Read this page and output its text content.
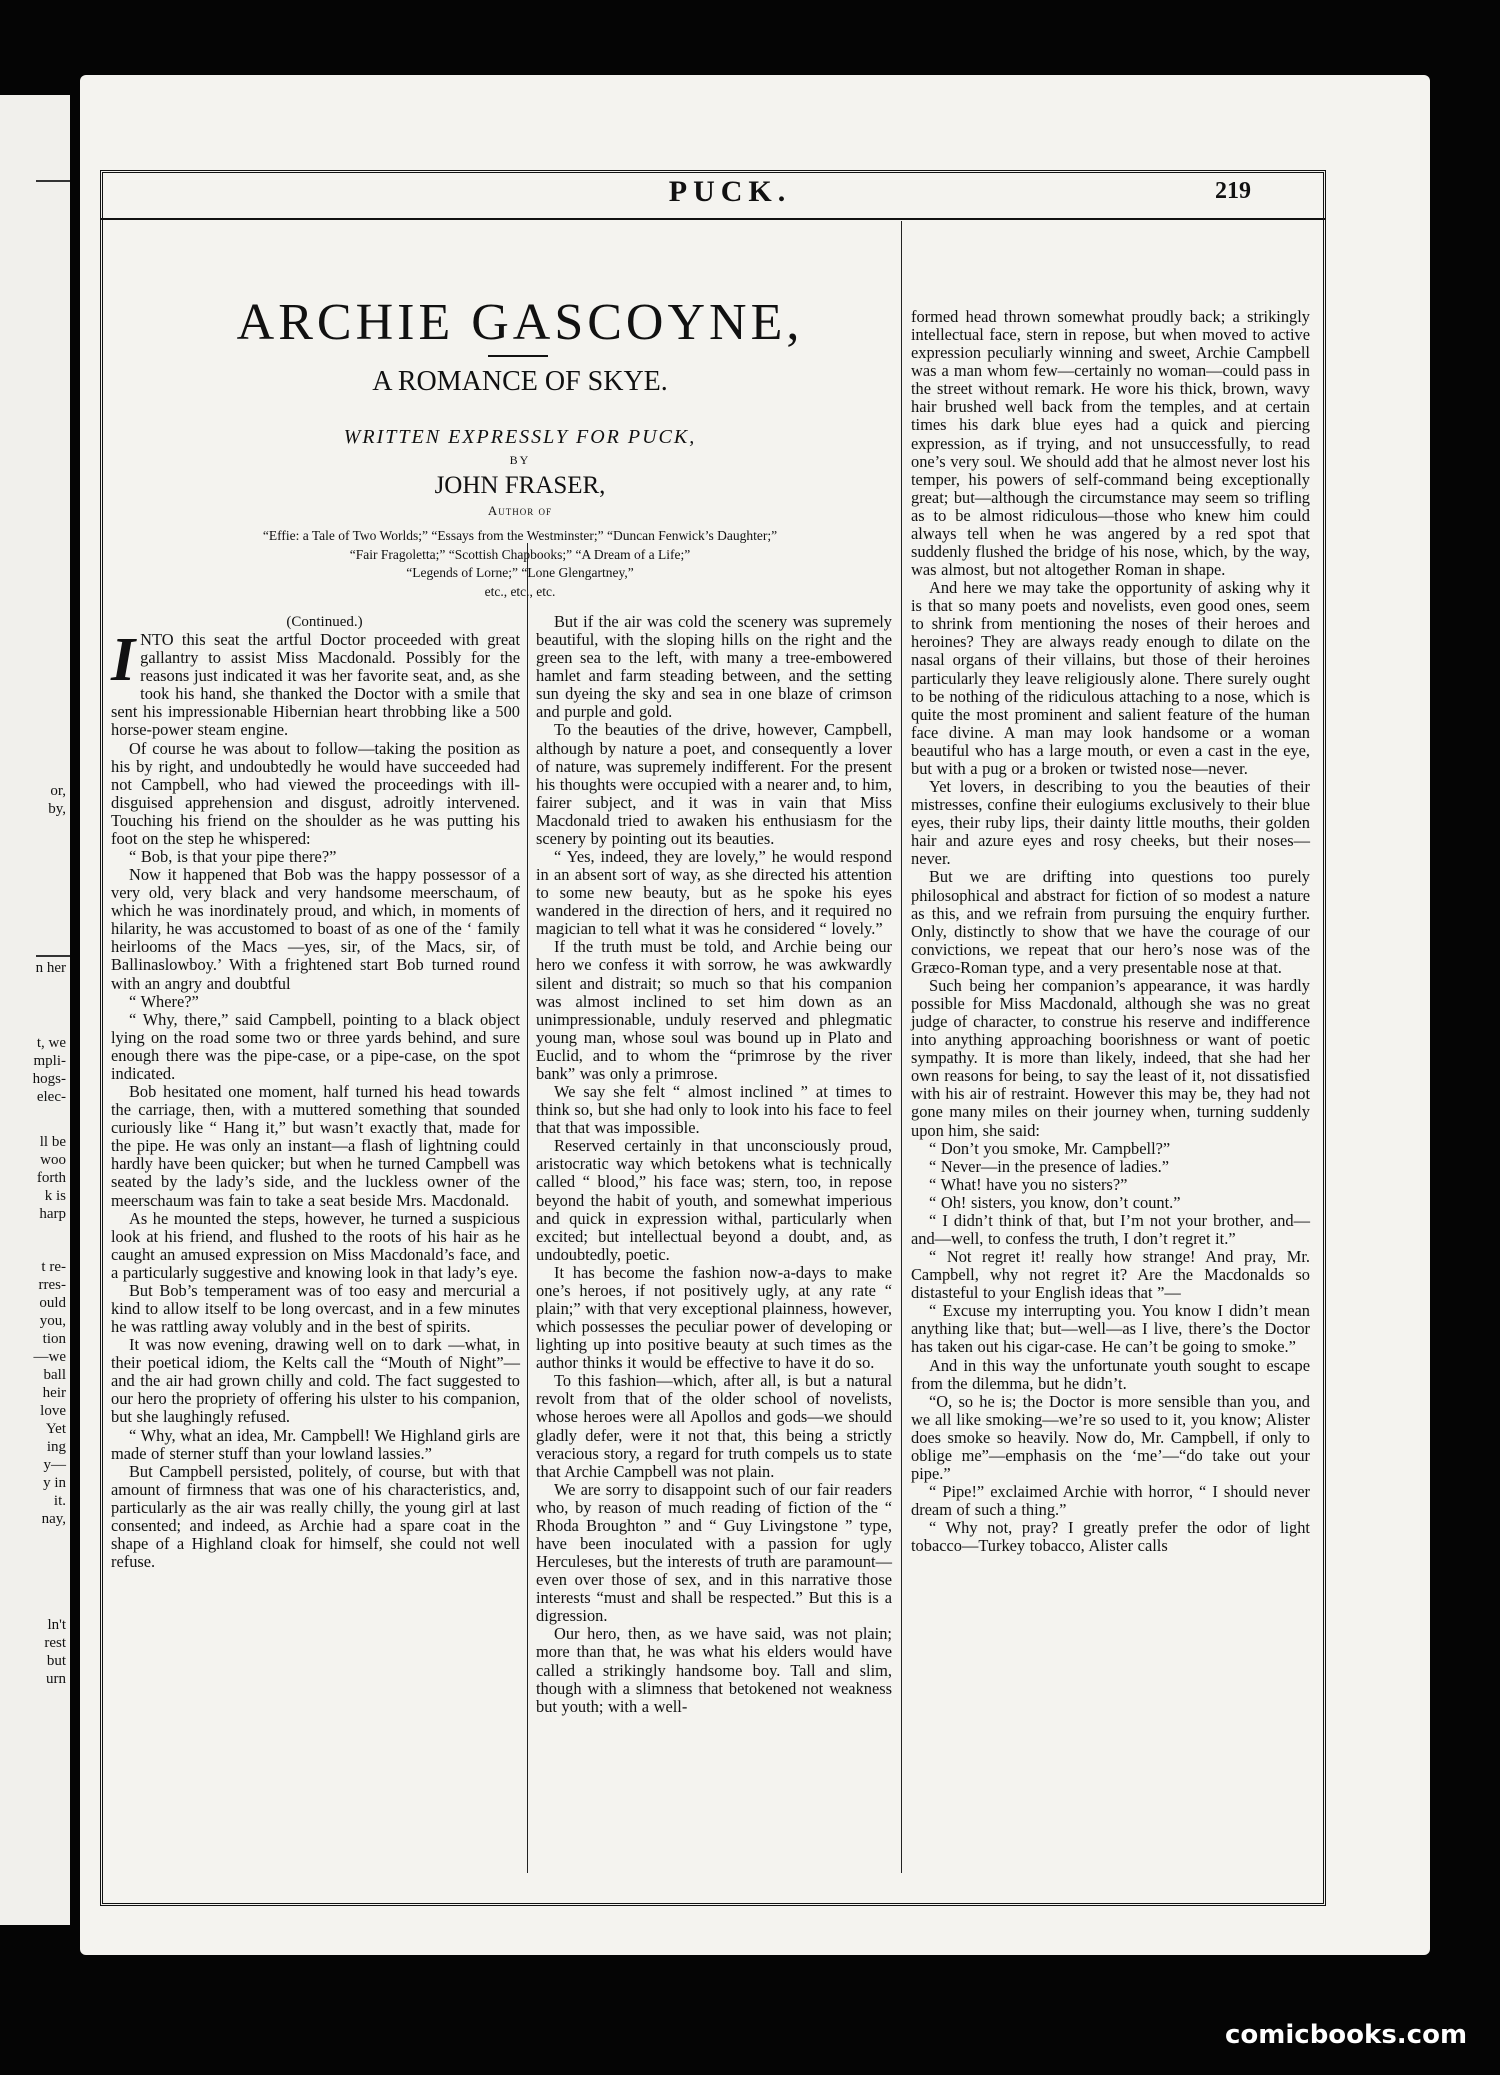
or,
by,
n her
t, we
mpli-
hogs-
elec-
ll be
woo
forth
k is
harp
t re-
rres-
ould
you,
tion
—we
ball
heir
love
Yet
ing
y—
y in
it.
nay,
ln't
rest
but
urn
PUCK.	219
ARCHIE GASCOYNE,
A ROMANCE OF SKYE.
WRITTEN EXPRESSLY FOR PUCK,
BY
JOHN FRASER,
Author of
“Effie: a Tale of Two Worlds;” “Essays from the Westminster;” “Duncan Fenwick’s Daughter;”
“Fair Fragoletta;” “Scottish Chapbooks;” “A Dream of a Life;”
“Legends of Lorne;” “Lone Glengartney,”
etc., etc., etc.

(Continued.)

INTO this seat the artful Doctor proceeded with great gallantry to assist Miss Macdonald. Possibly for the reasons just indicated it was her favorite seat, and, as she took his hand, she thanked the Doctor with a smile that sent his impressionable Hibernian heart throbbing like a 500 horse-power steam engine.

Of course he was about to follow—taking the position as his by right, and undoubtedly he would have succeeded had not Campbell, who had viewed the proceedings with ill-disguised apprehension and disgust, adroitly intervened. Touching his friend on the shoulder as he was putting his foot on the step he whispered:

“ Bob, is that your pipe there?”

Now it happened that Bob was the happy possessor of a very old, very black and very handsome meerschaum, of which he was inordinately proud, and which, in moments of hilarity, he was accustomed to boast of as one of the ‘ family heirlooms of the Macs —yes, sir, of the Macs, sir, of Ballinaslowboy.’ With a frightened start Bob turned round with an angry and doubtful

“ Where?”

“ Why, there,” said Campbell, pointing to a black object lying on the road some two or three yards behind, and sure enough there was the pipe-case, or a pipe-case, on the spot indicated.

Bob hesitated one moment, half turned his head towards the carriage, then, with a muttered something that sounded curiously like “ Hang it,” but wasn’t exactly that, made for the pipe. He was only an instant—a flash of lightning could hardly have been quicker; but when he turned Campbell was seated by the lady’s side, and the luckless owner of the meerschaum was fain to take a seat beside Mrs. Macdonald.

As he mounted the steps, however, he turned a suspicious look at his friend, and flushed to the roots of his hair as he caught an amused expression on Miss Macdonald’s face, and a particularly suggestive and knowing look in that lady’s eye.

But Bob’s temperament was of too easy and mercurial a kind to allow itself to be long overcast, and in a few minutes he was rattling away volubly and in the best of spirits.

It was now evening, drawing well on to dark —what, in their poetical idiom, the Kelts call the “Mouth of Night”— and the air had grown chilly and cold. The fact suggested to our hero the propriety of offering his ulster to his companion, but she laughingly refused.

“ Why, what an idea, Mr. Campbell! We Highland girls are made of sterner stuff than your lowland lassies.”

But Campbell persisted, politely, of course, but with that amount of firmness that was one of his characteristics, and, particularly as the air was really chilly, the young girl at last consented; and indeed, as Archie had a spare coat in the shape of a Highland cloak for himself, she could not well refuse.

But if the air was cold the scenery was supremely beautiful, with the sloping hills on the right and the green sea to the left, with many a tree-embowered hamlet and farm steading between, and the setting sun dyeing the sky and sea in one blaze of crimson and purple and gold.

To the beauties of the drive, however, Campbell, although by nature a poet, and consequently a lover of nature, was supremely indifferent. For the present his thoughts were occupied with a nearer and, to him, fairer subject, and it was in vain that Miss Macdonald tried to awaken his enthusiasm for the scenery by pointing out its beauties.

“ Yes, indeed, they are lovely,” he would respond in an absent sort of way, as she directed his attention to some new beauty, but as he spoke his eyes wandered in the direction of hers, and it required no magician to tell what it was he considered “ lovely.”

If the truth must be told, and Archie being our hero we confess it with sorrow, he was awkwardly silent and distrait; so much so that his companion was almost inclined to set him down as an unimpressionable, unduly reserved and phlegmatic young man, whose soul was bound up in Plato and Euclid, and to whom the “primrose by the river bank” was only a primrose.

We say she felt “ almost inclined ” at times to think so, but she had only to look into his face to feel that that was impossible.

Reserved certainly in that unconsciously proud, aristocratic way which betokens what is technically called “ blood,” his face was; stern, too, in repose beyond the habit of youth, and somewhat imperious and quick in expression withal, particularly when excited; but intellectual beyond a doubt, and, as undoubtedly, poetic.

It has become the fashion now-a-days to make one’s heroes, if not positively ugly, at any rate “ plain;” with that very exceptional plainness, however, which possesses the peculiar power of developing or lighting up into positive beauty at such times as the author thinks it would be effective to have it do so.

To this fashion—which, after all, is but a natural revolt from that of the older school of novelists, whose heroes were all Apollos and gods—we should gladly defer, were it not that, this being a strictly veracious story, a regard for truth compels us to state that Archie Campbell was not plain.

We are sorry to disappoint such of our fair readers who, by reason of much reading of fiction of the “ Rhoda Broughton ” and “ Guy Livingstone ” type, have been inoculated with a passion for ugly Herculeses, but the interests of truth are paramount—even over those of sex, and in this narrative those interests “must and shall be respected.” But this is a digression.

Our hero, then, as we have said, was not plain; more than that, he was what his elders would have called a strikingly handsome boy. Tall and slim, though with a slimness that betokened not weakness but youth; with a well-

formed head thrown somewhat proudly back; a strikingly intellectual face, stern in repose, but when moved to active expression peculiarly winning and sweet, Archie Campbell was a man whom few—certainly no woman—could pass in the street without remark. He wore his thick, brown, wavy hair brushed well back from the temples, and at certain times his dark blue eyes had a quick and piercing expression, as if trying, and not unsuccessfully, to read one’s very soul. We should add that he almost never lost his temper, his powers of self-command being exceptionally great; but—although the circumstance may seem so trifling as to be almost ridiculous—those who knew him could always tell when he was angered by a red spot that suddenly flushed the bridge of his nose, which, by the way, was almost, but not altogether Roman in shape.

And here we may take the opportunity of asking why it is that so many poets and novelists, even good ones, seem to shrink from mentioning the noses of their heroes and heroines? They are always ready enough to dilate on the nasal organs of their villains, but those of their heroines particularly they leave religiously alone. There surely ought to be nothing of the ridiculous attaching to a nose, which is quite the most prominent and salient feature of the human face divine. A man may look handsome or a woman beautiful who has a large mouth, or even a cast in the eye, but with a pug or a broken or twisted nose—never.

Yet lovers, in describing to you the beauties of their mistresses, confine their eulogiums exclusively to their blue eyes, their ruby lips, their dainty little mouths, their golden hair and azure eyes and rosy cheeks, but their noses—never.

But we are drifting into questions too purely philosophical and abstract for fiction of so modest a nature as this, and we refrain from pursuing the enquiry further. Only, distinctly to show that we have the courage of our convictions, we repeat that our hero’s nose was of the Græco-Roman type, and a very presentable nose at that.

Such being her companion’s appearance, it was hardly possible for Miss Macdonald, although she was no great judge of character, to construe his reserve and indifference into anything approaching boorishness or want of poetic sympathy. It is more than likely, indeed, that she had her own reasons for being, to say the least of it, not dissatisfied with his air of restraint. However this may be, they had not gone many miles on their journey when, turning suddenly upon him, she said:

“ Don’t you smoke, Mr. Campbell?”

“ Never—in the presence of ladies.”

“ What! have you no sisters?”

“ Oh! sisters, you know, don’t count.”

“ I didn’t think of that, but I’m not your brother, and—and—well, to confess the truth, I don’t regret it.”

“ Not regret it! really how strange! And pray, Mr. Campbell, why not regret it? Are the Macdonalds so distasteful to your English ideas that ”—

“ Excuse my interrupting you. You know I didn’t mean anything like that; but—well—as I live, there’s the Doctor has taken out his cigar-case. He can’t be going to smoke.”

And in this way the unfortunate youth sought to escape from the dilemma, but he didn’t.

“O, so he is; the Doctor is more sensible than you, and we all like smoking—we’re so used to it, you know; Alister does smoke so heavily. Now do, Mr. Campbell, if only to oblige me”—emphasis on the ‘me’—“do take out your pipe.”

“ Pipe!” exclaimed Archie with horror, “ I should never dream of such a thing.”

“ Why not, pray? I greatly prefer the odor of light tobacco—Turkey tobacco, Alister calls

comicbooks.com
